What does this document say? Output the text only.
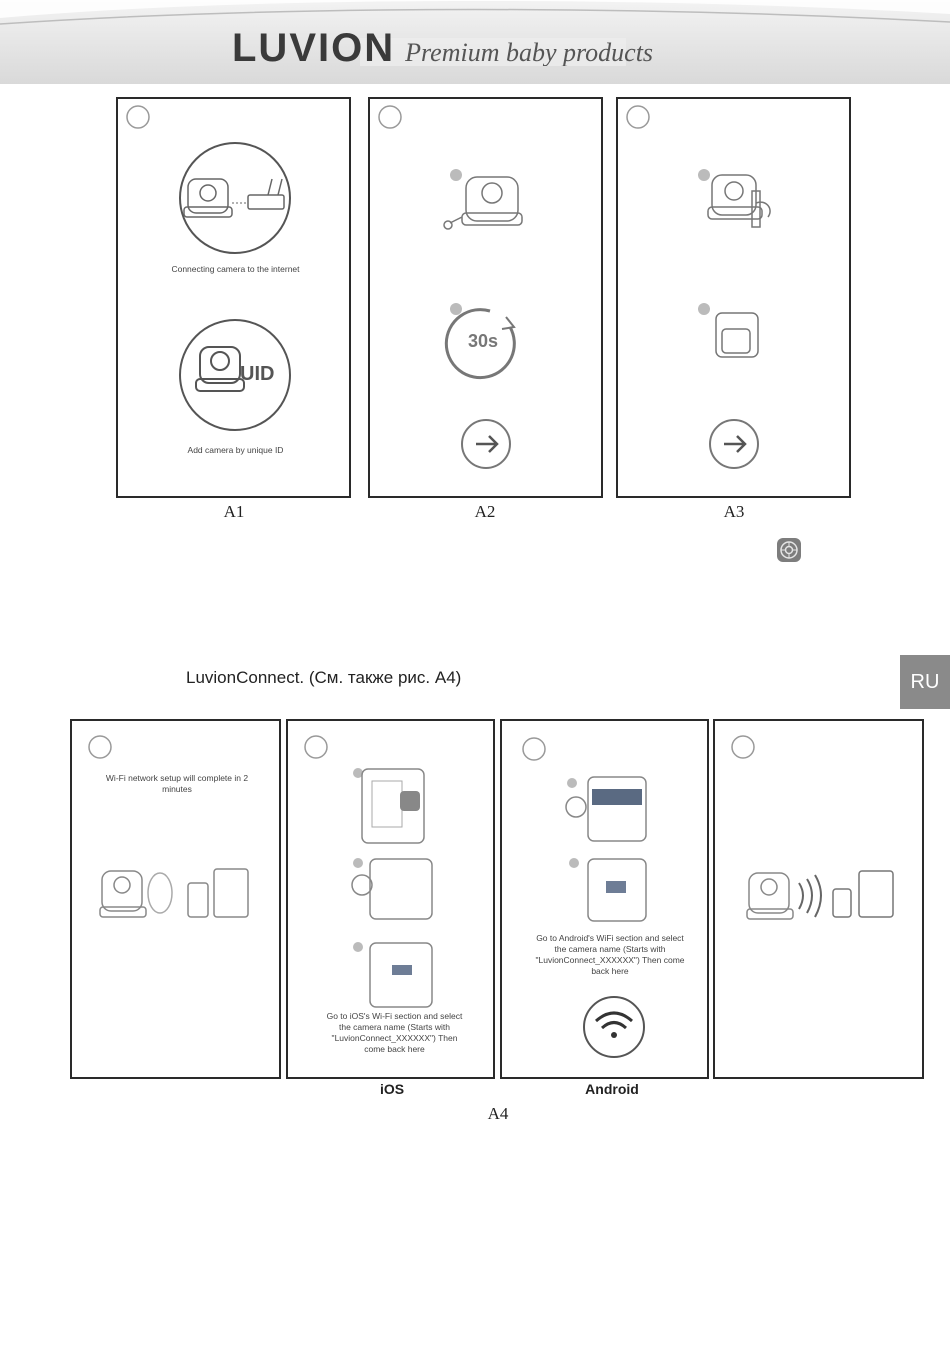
LUVION Premium baby products
Connecting camera to the internet
UID
Add camera by unique ID
30s
A1	A2	A3
LuvionConnect. (См. также рис. A4)	RU
Wi-Fi network setup will complete in 2 minutes
Go to iOS's Wi-Fi section and select the camera name (Starts with "LuvionConnect_XXXXXX") Then come back here
Go to Android's WiFi section and select the camera name (Starts with "LuvionConnect_XXXXXX") Then come back here
iOS	Android
A4
